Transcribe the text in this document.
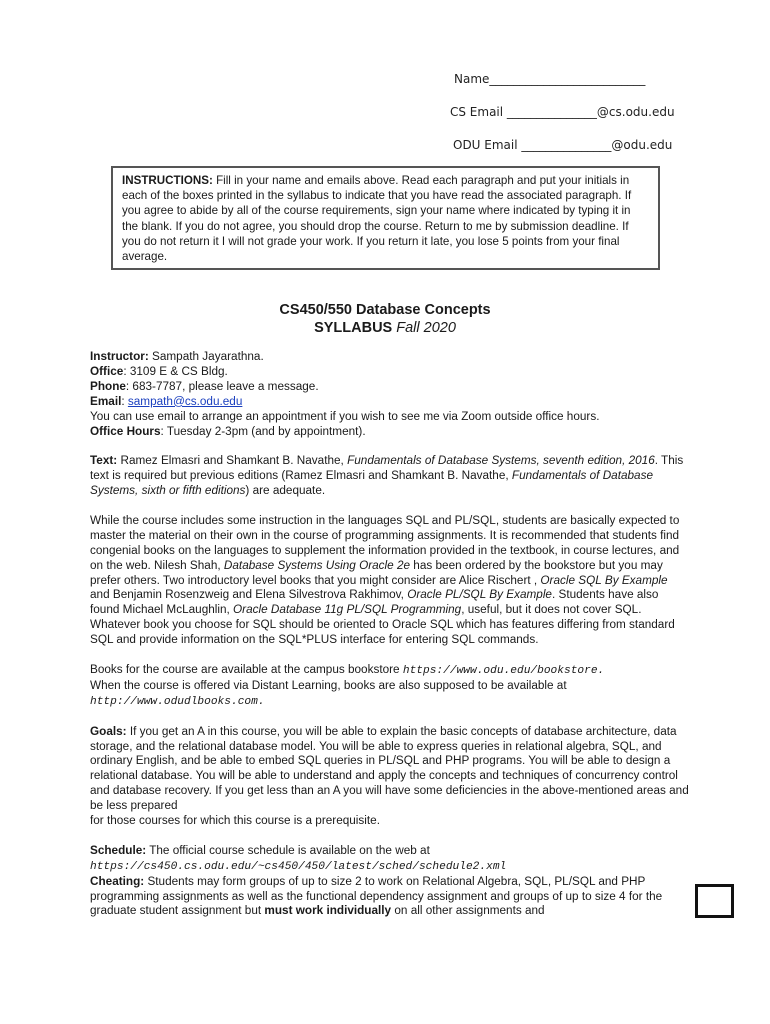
Name__________________________
CS Email _______________@cs.odu.edu
ODU Email _______________@odu.edu
INSTRUCTIONS: Fill in your name and emails above. Read each paragraph and put your initials in each of the boxes printed in the syllabus to indicate that you have read the associated paragraph. If you agree to abide by all of the course requirements, sign your name where indicated by typing it in the blank. If you do not agree, you should drop the course. Return to me by submission deadline. If you do not return it I will not grade your work. If you return it late, you lose 5 points from your final average.
CS450/550 Database Concepts
SYLLABUS Fall 2020

Instructor: Sampath Jayarathna.

Office: 3109 E & CS Bldg.

Phone: 683-7787, please leave a message.

Email: sampath@cs.odu.edu

You can use email to arrange an appointment if you wish to see me via Zoom outside office hours.

Office Hours: Tuesday 2-3pm (and by appointment).

Text: Ramez Elmasri and Shamkant B. Navathe, Fundamentals of Database Systems, seventh edition, 2016. This text is required but previous editions (Ramez Elmasri and Shamkant B. Navathe, Fundamentals of Database Systems, sixth or fifth editions) are adequate.

While the course includes some instruction in the languages SQL and PL/SQL, students are basically expected to master the material on their own in the course of programming assignments. It is recommended that students find congenial books on the languages to supplement the information provided in the textbook, in course lectures, and on the web. Nilesh Shah, Database Systems Using Oracle 2e has been ordered by the bookstore but you may prefer others. Two introductory level books that you might consider are Alice Rischert , Oracle SQL By Example and Benjamin Rosenzweig and Elena Silvestrova Rakhimov, Oracle PL/SQL By Example. Students have also found Michael McLaughlin, Oracle Database 11g PL/SQL Programming, useful, but it does not cover SQL. Whatever book you choose for SQL should be oriented to Oracle SQL which has features differing from standard SQL and provide information on the SQL*PLUS interface for entering SQL commands.

Books for the course are available at the campus bookstore https://www.odu.edu/bookstore.

When the course is offered via Distant Learning, books are also supposed to be available at

http://www.odudlbooks.com.

Goals: If you get an A in this course, you will be able to explain the basic concepts of database architecture, data storage, and the relational database model. You will be able to express queries in relational algebra, SQL, and ordinary English, and be able to embed SQL queries in PL/SQL and PHP programs. You will be able to design a relational database. You will be able to understand and apply the concepts and techniques of concurrency control and database recovery. If you get less than an A you will have some deficiencies in the above-mentioned areas and be less prepared

for those courses for which this course is a prerequisite.

Schedule: The official course schedule is available on the web at

https://cs450.cs.odu.edu/~cs450/450/latest/sched/schedule2.xml

Cheating: Students may form groups of up to size 2 to work on Relational Algebra, SQL, PL/SQL and PHP programming assignments as well as the functional dependency assignment and groups of up to size 4 for the graduate student assignment but must work individually on all other assignments and
